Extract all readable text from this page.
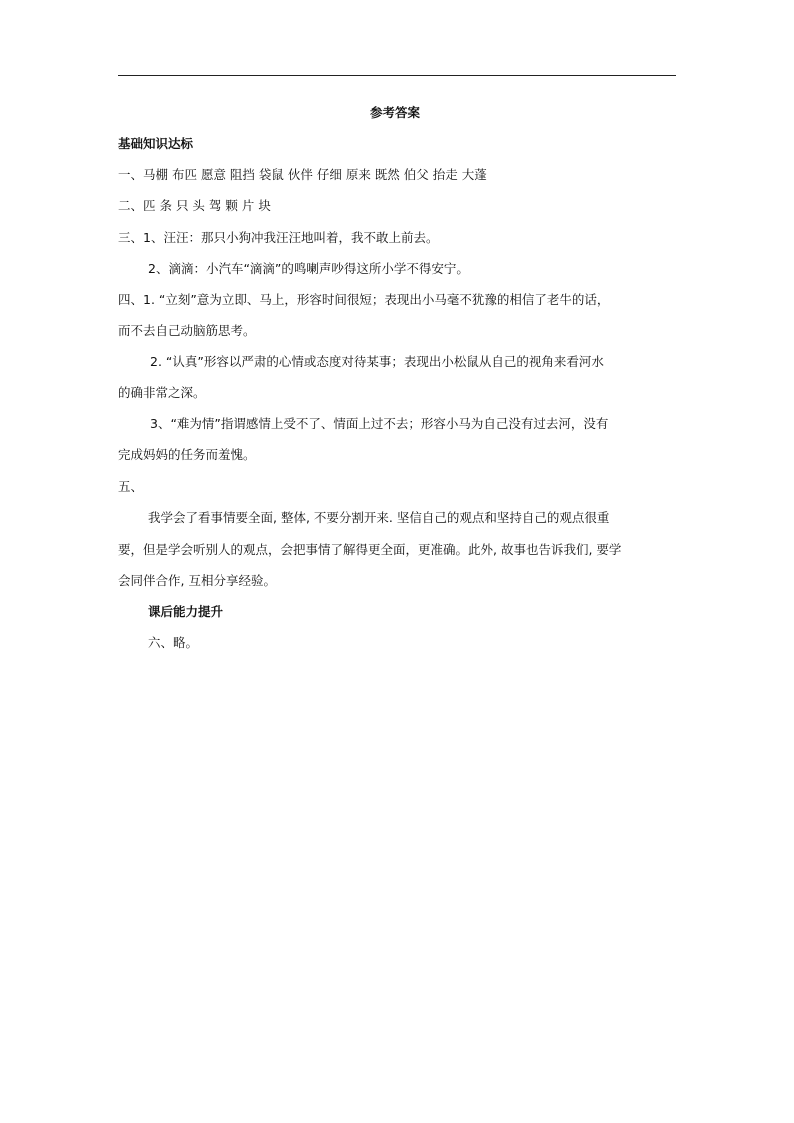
参考答案
基础知识达标
一、马棚 布匹 愿意 阻挡 袋鼠 伙伴 仔细 原来 既然 伯父 抬走 大蓬
二、匹 条 只 头 驾 颗 片 块
三、1、汪汪：那只小狗冲我汪汪地叫着，我不敢上前去。
2、滴滴：小汽车“滴滴”的鸣喇声吵得这所小学不得安宁。
四、1. “立刻”意为立即、马上，形容时间很短；表现出小马毫不犹豫的相信了老牛的话，
而不去自己动脑筋思考。
2. “认真”形容以严肃的心情或态度对待某事；表现出小松鼠从自己的视角来看河水
的确非常之深。
3、“难为情”指谓感情上受不了、情面上过不去；形容小马为自己没有过去河，没有
完成妈妈的任务而羞愧。
五、
我学会了看事情要全面, 整体, 不要分割开来. 坚信自己的观点和坚持自己的观点很重
要，但是学会听别人的观点，会把事情了解得更全面，更准确。此外, 故事也告诉我们, 要学
会同伴合作, 互相分享经验。
课后能力提升
六、略。
